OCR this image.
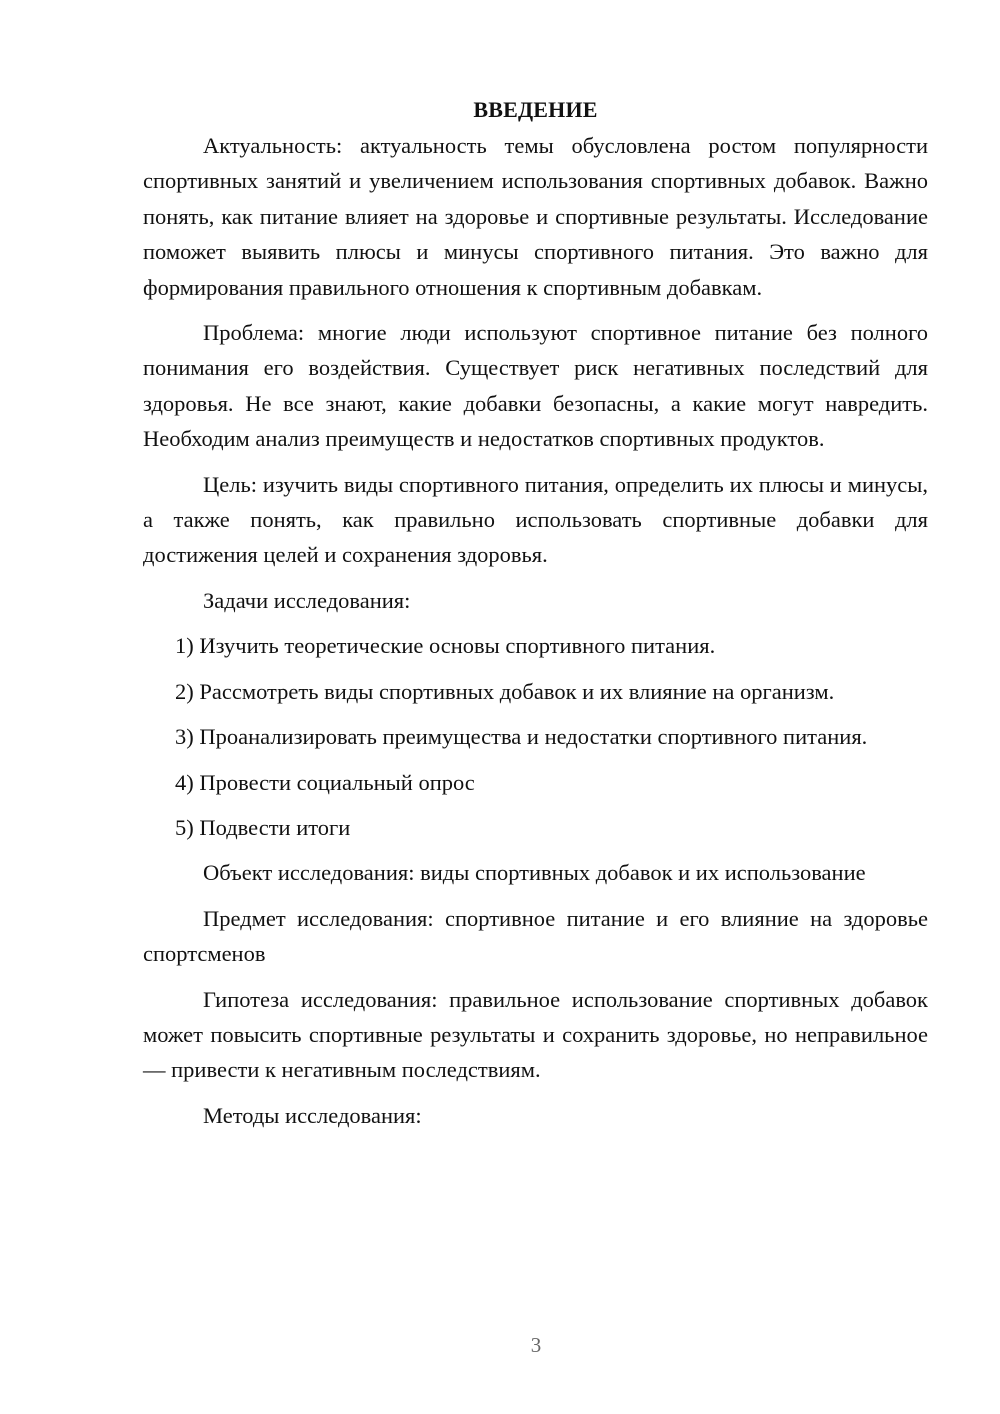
ВВЕДЕНИЕ

Актуальность: актуальность темы обусловлена ростом популярности спортивных занятий и увеличением использования спортивных добавок. Важно понять, как питание влияет на здоровье и спортивные результаты. Исследование поможет выявить плюсы и минусы спортивного питания. Это важно для формирования правильного отношения к спортивным добавкам.

Проблема: многие люди используют спортивное питание без полного понимания его воздействия. Существует риск негативных последствий для здоровья. Не все знают, какие добавки безопасны, а какие могут навредить. Необходим анализ преимуществ и недостатков спортивных продуктов.

Цель: изучить виды спортивного питания, определить их плюсы и минусы, а также понять, как правильно использовать спортивные добавки для достижения целей и сохранения здоровья.

Задачи исследования:

1) Изучить теоретические основы спортивного питания.

2) Рассмотреть виды спортивных добавок и их влияние на организм.

3) Проанализировать преимущества и недостатки спортивного питания.

4) Провести социальный опрос

5) Подвести итоги

Объект исследования: виды спортивных добавок и их использование

Предмет исследования: спортивное питание и его влияние на здоровье спортсменов

Гипотеза исследования: правильное использование спортивных добавок может повысить спортивные результаты и сохранить здоровье, но неправильное — привести к негативным последствиям.

Методы исследования:

3
